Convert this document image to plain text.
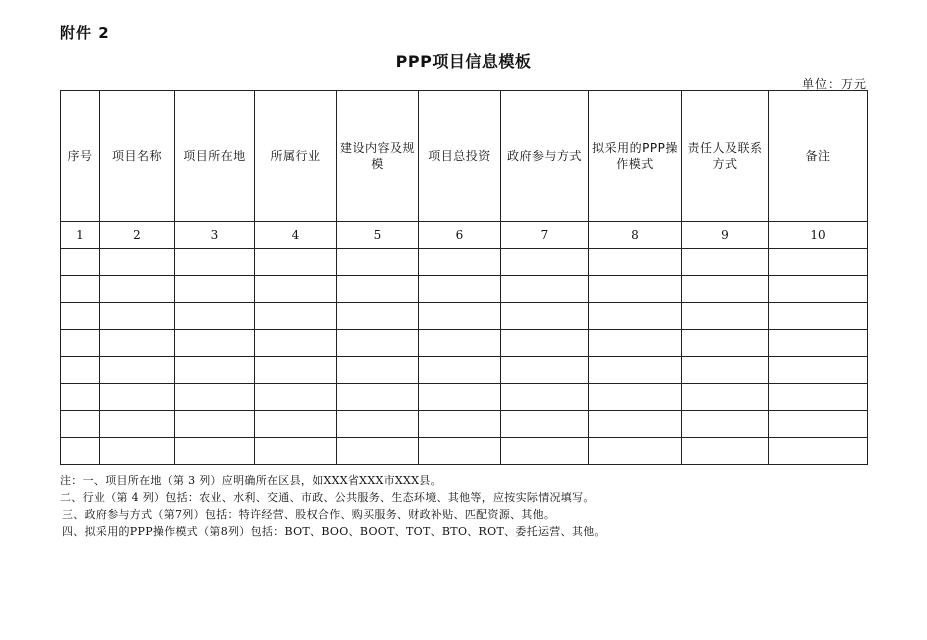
附件 2
PPP项目信息模板
单位：万元
序号	项目名称	项目所在地	所属行业	建设内容及规模	项目总投资	政府参与方式	拟采用的PPP操作模式	责任人及联系方式	备注
1	2	3	4	5	6	7	8	9	10

注：一、项目所在地（第 3 列）应明确所在区县，如XXX省XXX市XXX县。
二、行业（第 4 列）包括：农业、水利、交通、市政、公共服务、生态环境、其他等，应按实际情况填写。
三、政府参与方式（第7列）包括：特许经营、股权合作、购买服务、财政补贴、匹配资源、其他。
四、拟采用的PPP操作模式（第8列）包括：BOT、BOO、BOOT、TOT、BTO、ROT、委托运营、其他。
